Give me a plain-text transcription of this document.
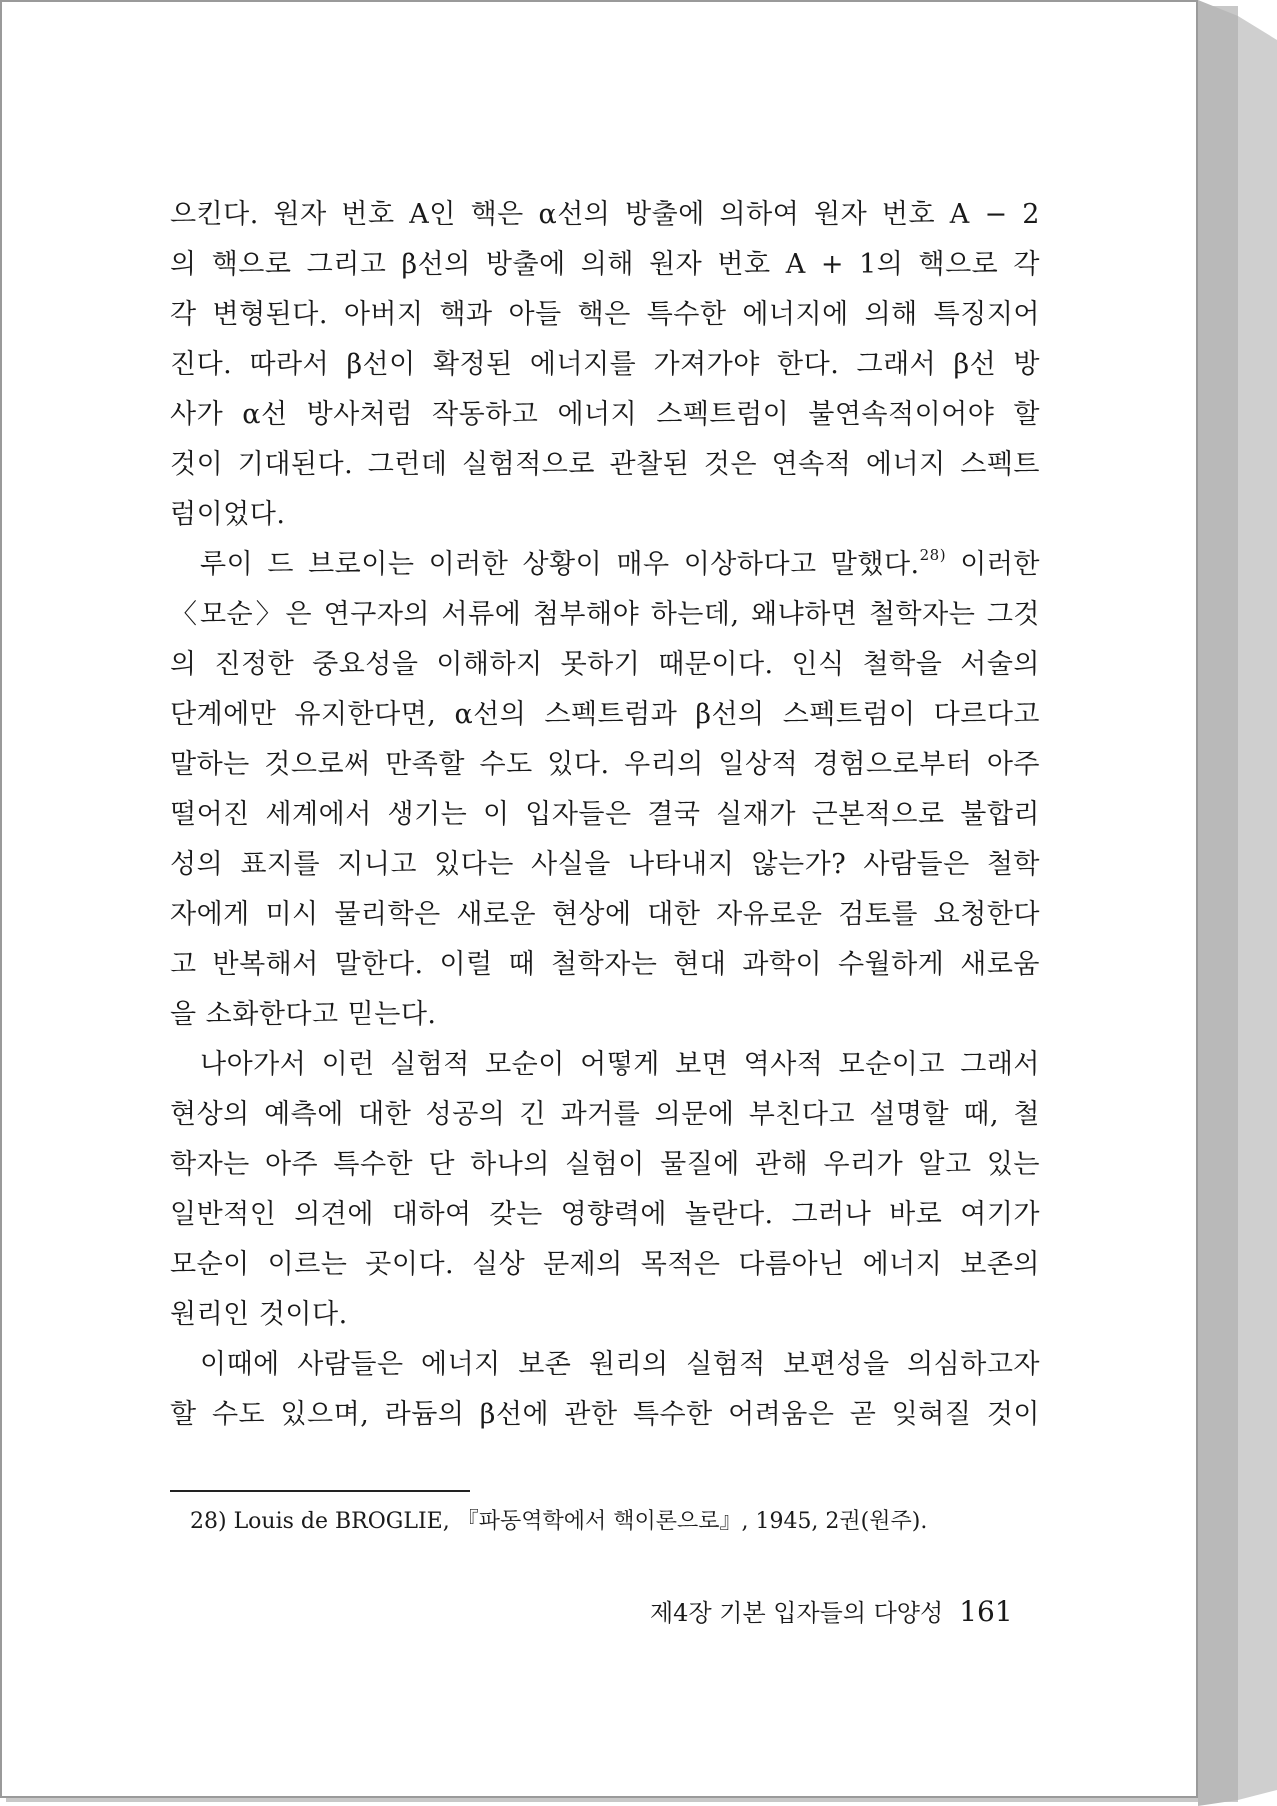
으킨다. 원자 번호 A인 핵은 α선의 방출에 의하여 원자 번호 A − 2
의 핵으로 그리고 β선의 방출에 의해 원자 번호 A + 1의 핵으로 각
각 변형된다. 아버지 핵과 아들 핵은 특수한 에너지에 의해 특징지어
진다. 따라서 β선이 확정된 에너지를 가져가야 한다. 그래서 β선 방
사가 α선 방사처럼 작동하고 에너지 스펙트럼이 불연속적이어야 할
것이 기대된다. 그런데 실험적으로 관찰된 것은 연속적 에너지 스펙트
럼이었다.
루이 드 브로이는 이러한 상황이 매우 이상하다고 말했다.$^{28)}$ 이러한
〈모순〉은 연구자의 서류에 첨부해야 하는데, 왜냐하면 철학자는 그것
의 진정한 중요성을 이해하지 못하기 때문이다. 인식 철학을 서술의
단계에만 유지한다면, α선의 스펙트럼과 β선의 스펙트럼이 다르다고
말하는 것으로써 만족할 수도 있다. 우리의 일상적 경험으로부터 아주
떨어진 세계에서 생기는 이 입자들은 결국 실재가 근본적으로 불합리
성의 표지를 지니고 있다는 사실을 나타내지 않는가? 사람들은 철학
자에게 미시 물리학은 새로운 현상에 대한 자유로운 검토를 요청한다
고 반복해서 말한다. 이럴 때 철학자는 현대 과학이 수월하게 새로움
을 소화한다고 믿는다.
나아가서 이런 실험적 모순이 어떻게 보면 역사적 모순이고 그래서
현상의 예측에 대한 성공의 긴 과거를 의문에 부친다고 설명할 때, 철
학자는 아주 특수한 단 하나의 실험이 물질에 관해 우리가 알고 있는
일반적인 의견에 대하여 갖는 영향력에 놀란다. 그러나 바로 여기가
모순이 이르는 곳이다. 실상 문제의 목적은 다름아닌 에너지 보존의
원리인 것이다.
이때에 사람들은 에너지 보존 원리의 실험적 보편성을 의심하고자
할 수도 있으며, 라듐의 β선에 관한 특수한 어려움은 곧 잊혀질 것이
28) Louis de BROGLIE, 『파동역학에서 핵이론으로』, 1945, 2권(원주).
제4장 기본 입자들의 다양성 161
